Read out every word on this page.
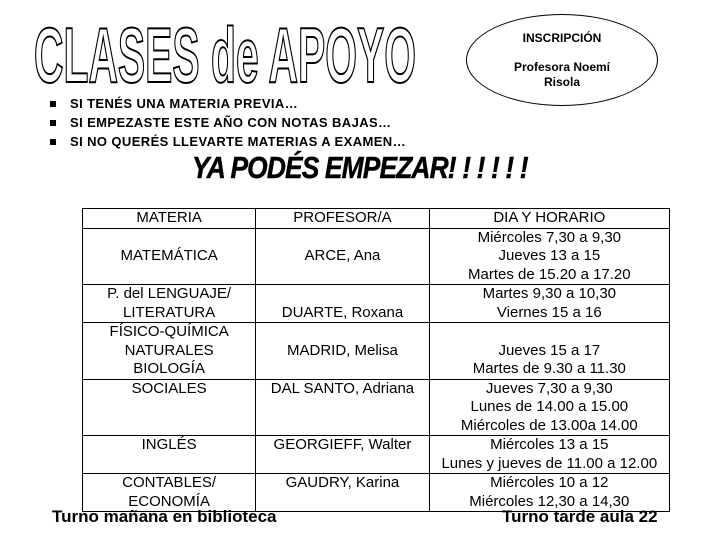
CLASES de APOYO	INSCRIPCIÓN
Profesora Noemí
Risola
SI TENÉS UNA MATERIA PREVIA…
SI EMPEZASTE ESTE AÑO CON NOTAS BAJAS…
SI NO QUERÉS LLEVARTE MATERIAS A EXAMEN…
YA PODÉS EMPEZAR! ! ! ! ! !
MATERIA	PROFESOR/A	DIA Y HORARIO

MATEMÁTICA	ARCE, Ana	Miércoles 7,30 a 9,30
Jueves 13 a 15
Martes de 15.20 a 17.20

P. del LENGUAJE/
LITERATURA	DUARTE, Roxana	Martes 9,30 a 10,30
Viernes 15 a 16

FÍSICO-QUÍMICA
NATURALES
BIOLOGÍA	MADRID, Melisa	Jueves 15 a 17
Martes de 9.30 a 11.30

SOCIALES	DAL SANTO, Adriana	Jueves 7,30 a 9,30
Lunes de 14.00 a 15.00
Miércoles de 13.00a 14.00

INGLÉS	GEORGIEFF, Walter	Miércoles 13 a 15
Lunes y jueves de 11.00 a 12.00

CONTABLES/
ECONOMÍA	GAUDRY, Karina	Miércoles 10 a 12
Miércoles 12,30 a 14,30
Turno mañana en biblioteca	Turno tarde aula 22
